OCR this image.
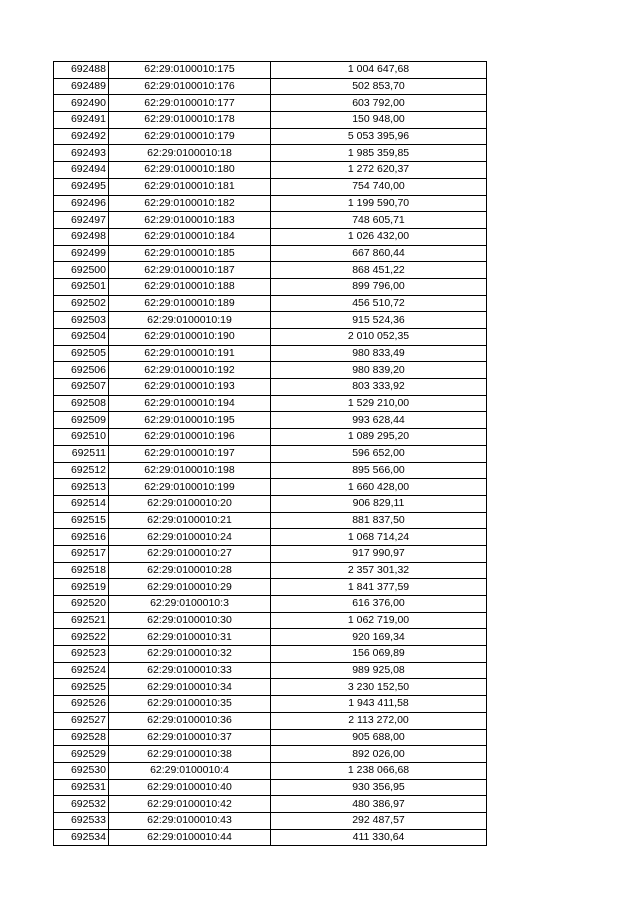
692488	62:29:0100010:175	1 004 647,68
692489	62:29:0100010:176	502 853,70
692490	62:29:0100010:177	603 792,00
692491	62:29:0100010:178	150 948,00
692492	62:29:0100010:179	5 053 395,96
692493	62:29:0100010:18	1 985 359,85
692494	62:29:0100010:180	1 272 620,37
692495	62:29:0100010:181	754 740,00
692496	62:29:0100010:182	1 199 590,70
692497	62:29:0100010:183	748 605,71
692498	62:29:0100010:184	1 026 432,00
692499	62:29:0100010:185	667 860,44
692500	62:29:0100010:187	868 451,22
692501	62:29:0100010:188	899 796,00
692502	62:29:0100010:189	456 510,72
692503	62:29:0100010:19	915 524,36
692504	62:29:0100010:190	2 010 052,35
692505	62:29:0100010:191	980 833,49
692506	62:29:0100010:192	980 839,20
692507	62:29:0100010:193	803 333,92
692508	62:29:0100010:194	1 529 210,00
692509	62:29:0100010:195	993 628,44
692510	62:29:0100010:196	1 089 295,20
692511	62:29:0100010:197	596 652,00
692512	62:29:0100010:198	895 566,00
692513	62:29:0100010:199	1 660 428,00
692514	62:29:0100010:20	906 829,11
692515	62:29:0100010:21	881 837,50
692516	62:29:0100010:24	1 068 714,24
692517	62:29:0100010:27	917 990,97
692518	62:29:0100010:28	2 357 301,32
692519	62:29:0100010:29	1 841 377,59
692520	62:29:0100010:3	616 376,00
692521	62:29:0100010:30	1 062 719,00
692522	62:29:0100010:31	920 169,34
692523	62:29:0100010:32	156 069,89
692524	62:29:0100010:33	989 925,08
692525	62:29:0100010:34	3 230 152,50
692526	62:29:0100010:35	1 943 411,58
692527	62:29:0100010:36	2 113 272,00
692528	62:29:0100010:37	905 688,00
692529	62:29:0100010:38	892 026,00
692530	62:29:0100010:4	1 238 066,68
692531	62:29:0100010:40	930 356,95
692532	62:29:0100010:42	480 386,97
692533	62:29:0100010:43	292 487,57
692534	62:29:0100010:44	411 330,64
